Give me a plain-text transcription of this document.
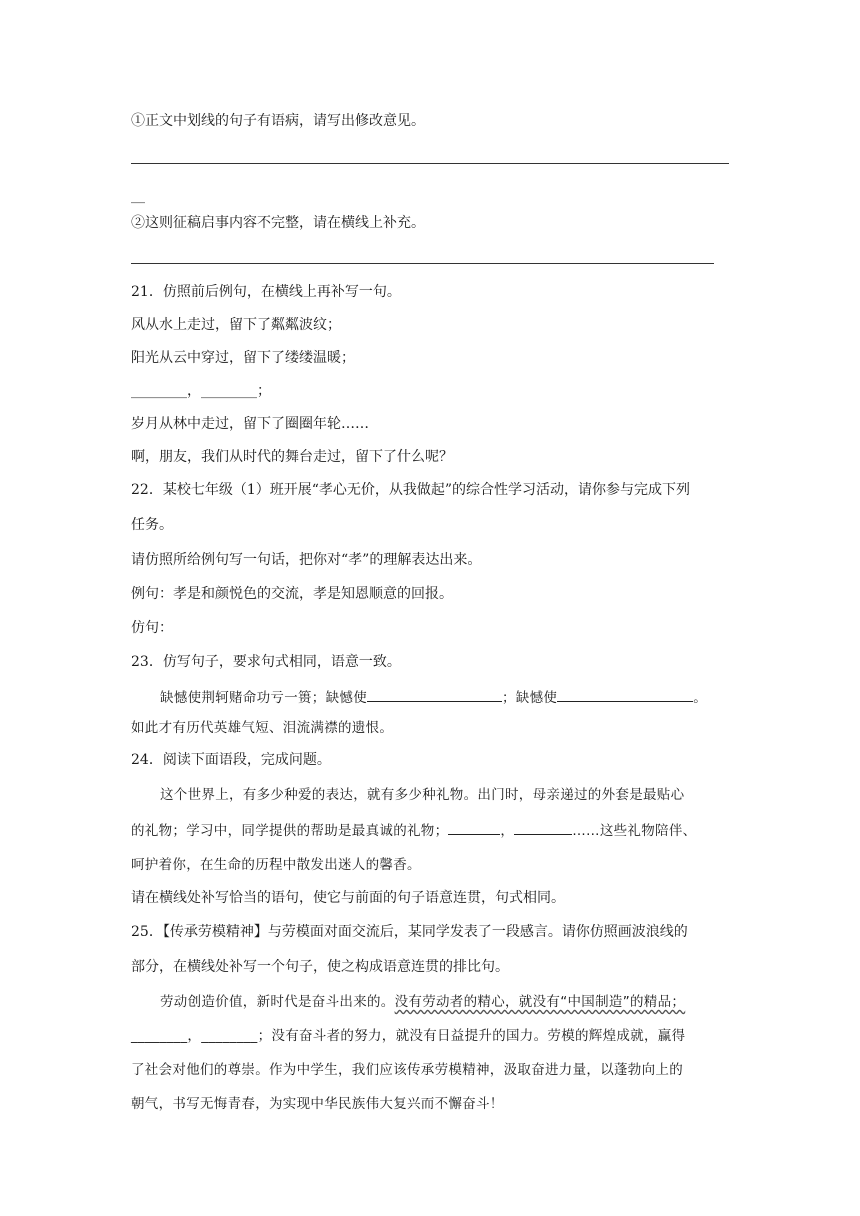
①正文中划线的句子有语病，请写出修改意见。
__
②这则征稿启事内容不完整，请在横线上补充。
21．仿照前后例句，在横线上再补写一句。
风从水上走过，留下了粼粼波纹；
阳光从云中穿过，留下了缕缕温暖；
________，________；
岁月从林中走过，留下了圈圈年轮……
啊，朋友，我们从时代的舞台走过，留下了什么呢？
22．某校七年级（1）班开展“孝心无价，从我做起”的综合性学习活动，请你参与完成下列
任务。
请仿照所给例句写一句话，把你对“孝”的理解表达出来。
例句：孝是和颜悦色的交流，孝是知恩顺意的回报。
仿句：
23．仿写句子，要求句式相同，语意一致。
缺憾使荆轲赌命功亏一篑；缺憾使	；缺憾使	。
如此才有历代英雄气短、泪流满襟的遗恨。
24．阅读下面语段，完成问题。
这个世界上，有多少种爱的表达，就有多少种礼物。出门时，母亲递过的外套是最贴心
的礼物；学习中，同学提供的帮助是最真诚的礼物；	，	……这些礼物陪伴、
呵护着你，在生命的历程中散发出迷人的馨香。
请在横线处补写恰当的语句，使它与前面的句子语意连贯，句式相同。
25．【传承劳模精神】与劳模面对面交流后，某同学发表了一段感言。请你仿照画波浪线的
部分，在横线处补写一个句子，使之构成语意连贯的排比句。
劳动创造价值，新时代是奋斗出来的。没有劳动者的精心，就没有“中国制造”的精品；
________，________；没有奋斗者的努力，就没有日益提升的国力。劳模的辉煌成就，赢得
了社会对他们的尊崇。作为中学生，我们应该传承劳模精神，汲取奋进力量，以蓬勃向上的
朝气，书写无悔青春，为实现中华民族伟大复兴而不懈奋斗！
